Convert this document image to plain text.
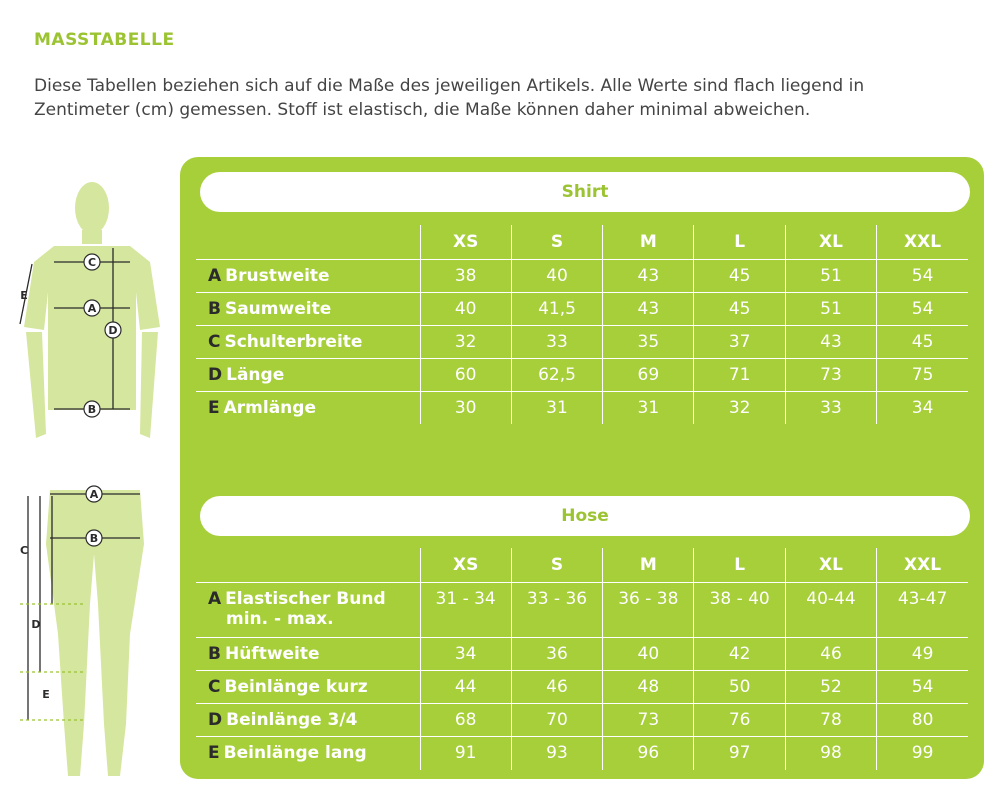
MASSTABELLE
Diese Tabellen beziehen sich auf die Maße des jeweiligen Artikels. Alle Werte sind flach liegend in Zentimeter (cm) gemessen. Stoff ist elastisch, die Maße können daher minimal abweichen.
C
A
D
E
B
A
B
C
D
E
Shirt
	XS	S	M	L	XL	XXL
A Brustweite	38	40	43	45	51	54
B Saumweite	40	41,5	43	45	51	54
C Schulterbreite	32	33	35	37	43	45
D Länge	60	62,5	69	71	73	75
E Armlänge	30	31	31	32	33	34
Hose
	XS	S	M	L	XL	XXL
A Elastischer Bund
min. - max.	31 - 34	33 - 36	36 - 38	38 - 40	40-44	43-47
B Hüftweite	34	36	40	42	46	49
C Beinlänge kurz	44	46	48	50	52	54
D Beinlänge 3/4	68	70	73	76	78	80
E Beinlänge lang	91	93	96	97	98	99
